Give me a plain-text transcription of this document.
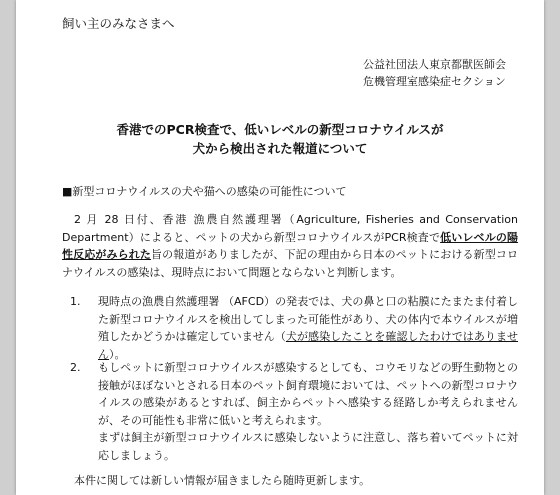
飼い主のみなさまへ
公益社団法人東京都獣医師会
危機管理室感染症セクション
香港でのPCR検査で、低いレベルの新型コロナウイルスが
犬から検出された報道について
■新型コロナウイルスの犬や猫への感染の可能性について
2 月 28 日付、香港 漁農自然護理署（Agriculture, Fisheries and Conservation Department）によると、ペットの犬から新型コロナウイルスがPCR検査で低いレベルの陽性反応がみられた旨の報道がありましたが、下記の理由から日本のペットにおける新型コロナウイルスの感染は、現時点において問題とならないと判断します。
1. 現時点の漁農自然護理署 （AFCD）の発表では、犬の鼻と口の粘膜にたまたま付着した新型コロナウイルスを検出してしまった可能性があり、犬の体内で本ウイルスが増殖したかどうかは確定していません（犬が感染したことを確認したわけではありません）。
2. もしペットに新型コロナウイルスが感染するとしても、コウモリなどの野生動物との接触がほぼないとされる日本のペット飼育環境においては、ペットへの新型コロナウイルスの感染があるとすれば、飼主からペットへ感染する経路しか考えられませんが、その可能性も非常に低いと考えられます。
まずは飼主が新型コロナウイルスに感染しないように注意し、落ち着いてペットに対応しましょう。
本件に関しては新しい情報が届きましたら随時更新します。
